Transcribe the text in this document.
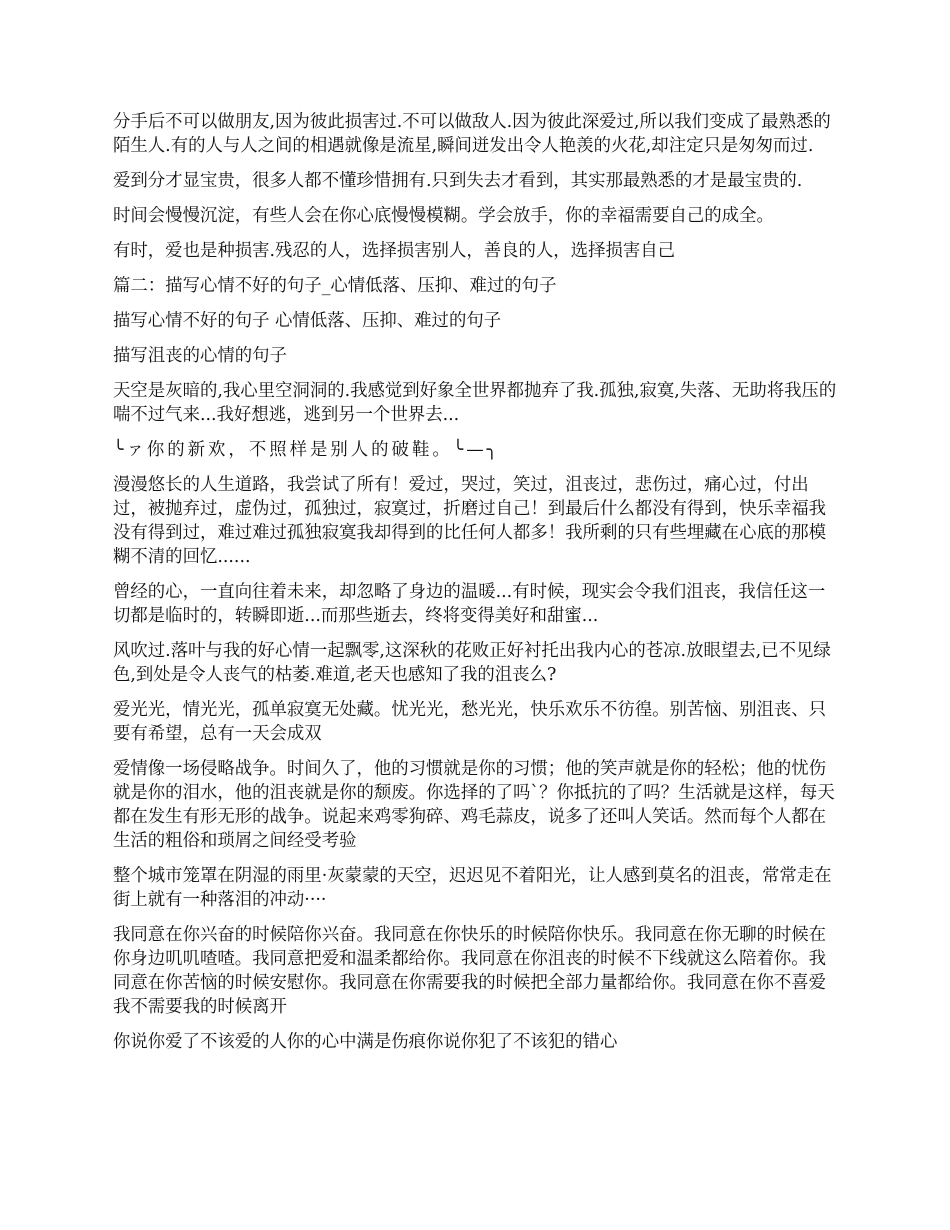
分手后不可以做朋友,因为彼此损害过.不可以做敌人.因为彼此深爱过,所以我们变成了最熟悉的陌生人.有的人与人之间的相遇就像是流星,瞬间迸发出令人艳羡的火花,却注定只是匆匆而过.

爱到分才显宝贵，很多人都不懂珍惜拥有.只到失去才看到，其实那最熟悉的才是最宝贵的.

时间会慢慢沉淀，有些人会在你心底慢慢模糊。学会放手，你的幸福需要自己的成全。

有时，爱也是种损害.残忍的人，选择损害别人，善良的人，选择损害自己

篇二：描写心情不好的句子_心情低落、压抑、难过的句子

描写心情不好的句子 心情低落、压抑、难过的句子

描写沮丧的心情的句子

天空是灰暗的,我心里空洞洞的.我感觉到好象全世界都抛弃了我.孤独,寂寞,失落、无助将我压的喘不过气来...我好想逃，逃到另一个世界去...

╰ァ你的新欢，不照样是别人的破鞋。╰—╮

漫漫悠长的人生道路，我尝试了所有！爱过，哭过，笑过，沮丧过，悲伤过，痛心过，付出过，被抛弃过，虚伪过，孤独过，寂寞过，折磨过自己！到最后什么都没有得到，快乐幸福我没有得到过，难过难过孤独寂寞我却得到的比任何人都多！我所剩的只有些埋藏在心底的那模糊不清的回忆......

曾经的心，一直向往着未来，却忽略了身边的温暖...有时候，现实会令我们沮丧，我信任这一切都是临时的，转瞬即逝...而那些逝去，终将变得美好和甜蜜...

风吹过.落叶与我的好心情一起飘零,这深秋的花败正好衬托出我内心的苍凉.放眼望去,已不见绿色,到处是令人丧气的枯萎.难道,老天也感知了我的沮丧么?

爱光光，情光光，孤单寂寞无处藏。忧光光，愁光光，快乐欢乐不彷徨。别苦恼、别沮丧、只要有希望，总有一天会成双

爱情像一场侵略战争。时间久了，他的习惯就是你的习惯；他的笑声就是你的轻松；他的忧伤就是你的泪水，他的沮丧就是你的颓废。你选择的了吗`？你抵抗的了吗？生活就是这样，每天都在发生有形无形的战争。说起来鸡零狗碎、鸡毛蒜皮，说多了还叫人笑话。然而每个人都在生活的粗俗和琐屑之间经受考验

整个城市笼罩在阴湿的雨里·灰蒙蒙的天空，迟迟见不着阳光，让人感到莫名的沮丧，常常走在街上就有一种落泪的冲动····

我同意在你兴奋的时候陪你兴奋。我同意在你快乐的时候陪你快乐。我同意在你无聊的时候在你身边叽叽喳喳。我同意把爱和温柔都给你。我同意在你沮丧的时候不下线就这么陪着你。我同意在你苦恼的时候安慰你。我同意在你需要我的时候把全部力量都给你。我同意在你不喜爱我不需要我的时候离开

你说你爱了不该爱的人你的心中满是伤痕你说你犯了不该犯的错心
